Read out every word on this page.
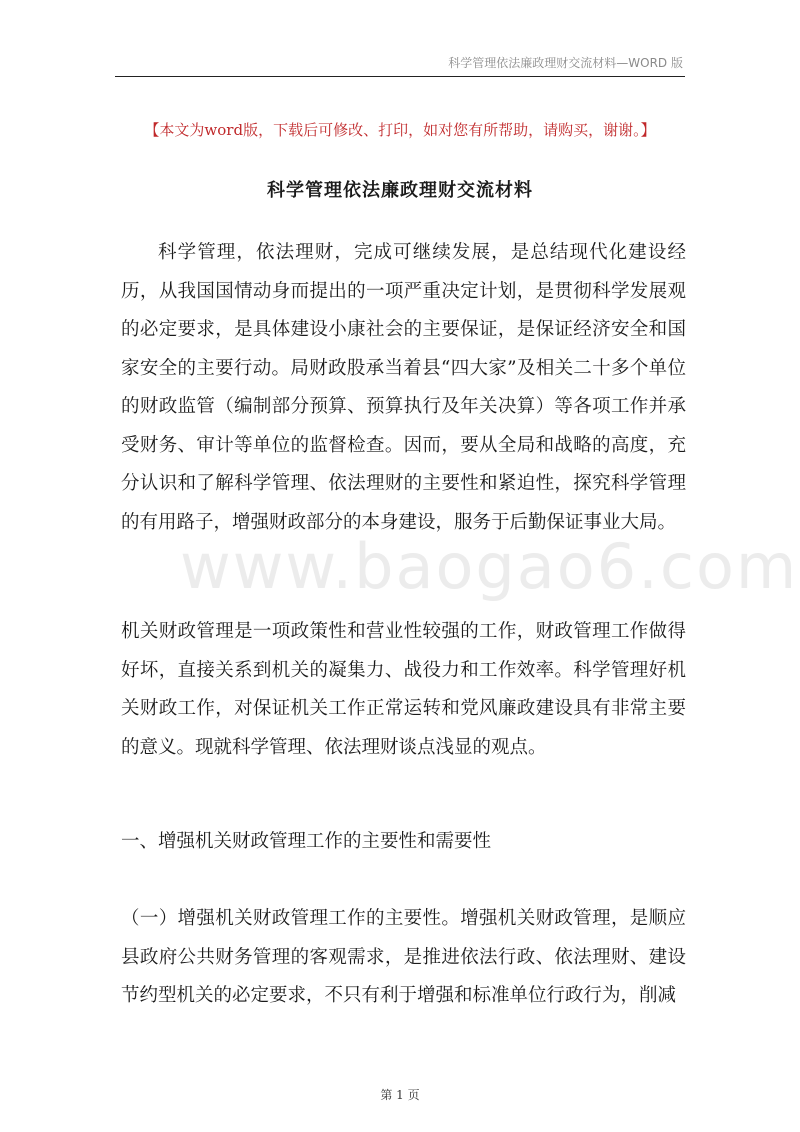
科学管理依法廉政理财交流材料—WORD 版
【本文为word版，下载后可修改、打印，如对您有所帮助，请购买，谢谢。】
科学管理依法廉政理财交流材料
www.baogao6.com

科学管理，依法理财，完成可继续发展，是总结现代化建设经历，从我国国情动身而提出的一项严重决定计划，是贯彻科学发展观的必定要求，是具体建设小康社会的主要保证，是保证经济安全和国家安全的主要行动。局财政股承当着县“四大家”及相关二十多个单位的财政监管（编制部分预算、预算执行及年关决算）等各项工作并承受财务、审计等单位的监督检查。因而，要从全局和战略的高度，充分认识和了解科学管理、依法理财的主要性和紧迫性，探究科学管理的有用路子，增强财政部分的本身建设，服务于后勤保证事业大局。

机关财政管理是一项政策性和营业性较强的工作，财政管理工作做得好坏，直接关系到机关的凝集力、战役力和工作效率。科学管理好机关财政工作，对保证机关工作正常运转和党风廉政建设具有非常主要的意义。现就科学管理、依法理财谈点浅显的观点。

一、增强机关财政管理工作的主要性和需要性

（一）增强机关财政管理工作的主要性。增强机关财政管理，是顺应县政府公共财务管理的客观需求，是推进依法行政、依法理财、建设节约型机关的必定要求，不只有利于增强和标准单位行政行为，削减

第 1 页
